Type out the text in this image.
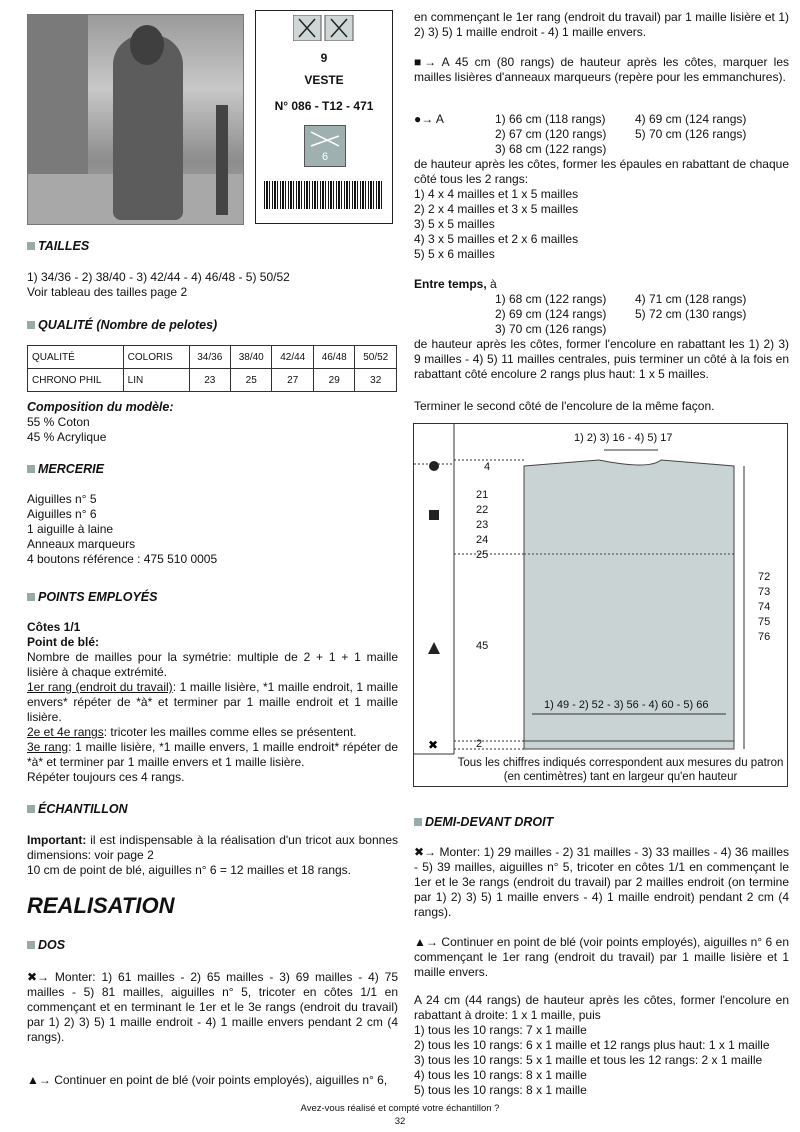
9
VESTE
N° 086 - T12 - 471
6
TAILLES
1) 34/36 - 2) 38/40 - 3) 42/44 - 4) 46/48 - 5) 50/52
Voir tableau des tailles page 2
QUALITÉ (Nombre de pelotes)
QUALITÉ	COLORIS	34/36	38/40	42/44	46/48	50/52
CHRONO PHIL	LIN	23	25	27	29	32
Composition du modèle:
55 % Coton
45 % Acrylique
MERCERIE
Aiguilles n° 5
Aiguilles n° 6
1 aiguille à laine
Anneaux marqueurs
4 boutons référence : 475 510 0005
POINTS EMPLOYÉS
Côtes 1/1
Point de blé:
Nombre de mailles pour la symétrie: multiple de 2 + 1 + 1 maille lisière à chaque extrémité.
1er rang (endroit du travail): 1 maille lisière, *1 maille endroit, 1 maille envers* répéter de *à* et terminer par 1 maille endroit et 1 maille lisière.
2e et 4e rangs: tricoter les mailles comme elles se présentent.
3e rang: 1 maille lisière, *1 maille envers, 1 maille endroit* répéter de *à* et terminer par 1 maille envers et 1 maille lisière.
Répéter toujours ces 4 rangs.
ÉCHANTILLON
Important: il est indispensable à la réalisation d'un tricot aux bonnes dimensions: voir page 2
10 cm de point de blé, aiguilles n° 6 = 12 mailles et 18 rangs.
REALISATION
DOS
✖→ Monter: 1) 61 mailles - 2) 65 mailles - 3) 69 mailles - 4) 75 mailles - 5) 81 mailles, aiguilles n° 5, tricoter en côtes 1/1 en commençant et en terminant le 1er et le 3e rangs (endroit du travail) par 1) 2) 3) 5) 1 maille endroit - 4) 1 maille envers pendant 2 cm (4 rangs).
▲→ Continuer en point de blé (voir points employés), aiguilles n° 6,
en commençant le 1er rang (endroit du travail) par 1 maille lisière et 1) 2) 3) 5) 1 maille endroit - 4) 1 maille envers.
■→ A 45 cm (80 rangs) de hauteur après les côtes, marquer les mailles lisières d'anneaux marqueurs (repère pour les emmanchures).
●→ A	1) 66 cm (118 rangs) 4) 69 cm (124 rangs)
2) 67 cm (120 rangs) 5) 70 cm (126 rangs)
3) 68 cm (122 rangs)
de hauteur après les côtes, former les épaules en rabattant de chaque côté tous les 2 rangs:
1) 4 x 4 mailles et 1 x 5 mailles
2) 2 x 4 mailles et 3 x 5 mailles
3) 5 x 5 mailles
4) 3 x 5 mailles et 2 x 6 mailles
5) 5 x 6 mailles
Entre temps, à
1) 68 cm (122 rangs) 4) 71 cm (128 rangs)
2) 69 cm (124 rangs) 5) 72 cm (130 rangs)
3) 70 cm (126 rangs)
de hauteur après les côtes, former l'encolure en rabattant les 1) 2) 3) 9 mailles - 4) 5) 11 mailles centrales, puis terminer un côté à la fois en rabattant côté encolure 2 rangs plus haut: 1 x 5 mailles.
Terminer le second côté de l'encolure de la même façon.
✖
1) 2) 3) 16 - 4) 5) 17
4
21
22
23
24
25
45
2
72
73
74
75
76
1) 49 - 2) 52 - 3) 56 - 4) 60 - 5) 66
Tous les chiffres indiqués correspondent aux mesures du patron (en centimètres) tant en largeur qu'en hauteur
DEMI-DEVANT DROIT
✖→ Monter: 1) 29 mailles - 2) 31 mailles - 3) 33 mailles - 4) 36 mailles - 5) 39 mailles, aiguilles n° 5, tricoter en côtes 1/1 en commençant le 1er et le 3e rangs (endroit du travail) par 2 mailles endroit (on termine par 1) 2) 3) 5) 1 maille envers - 4) 1 maille endroit) pendant 2 cm (4 rangs).
▲→ Continuer en point de blé (voir points employés), aiguilles n° 6 en commençant le 1er rang (endroit du travail) par 1 maille lisière et 1 maille envers.
A 24 cm (44 rangs) de hauteur après les côtes, former l'encolure en rabattant à droite: 1 x 1 maille, puis
1) tous les 10 rangs: 7 x 1 maille
2) tous les 10 rangs: 6 x 1 maille et 12 rangs plus haut: 1 x 1 maille
3) tous les 10 rangs: 5 x 1 maille et tous les 12 rangs: 2 x 1 maille
4) tous les 10 rangs: 8 x 1 maille
5) tous les 10 rangs: 8 x 1 maille
Avez-vous réalisé et compté votre échantillon ?
32
